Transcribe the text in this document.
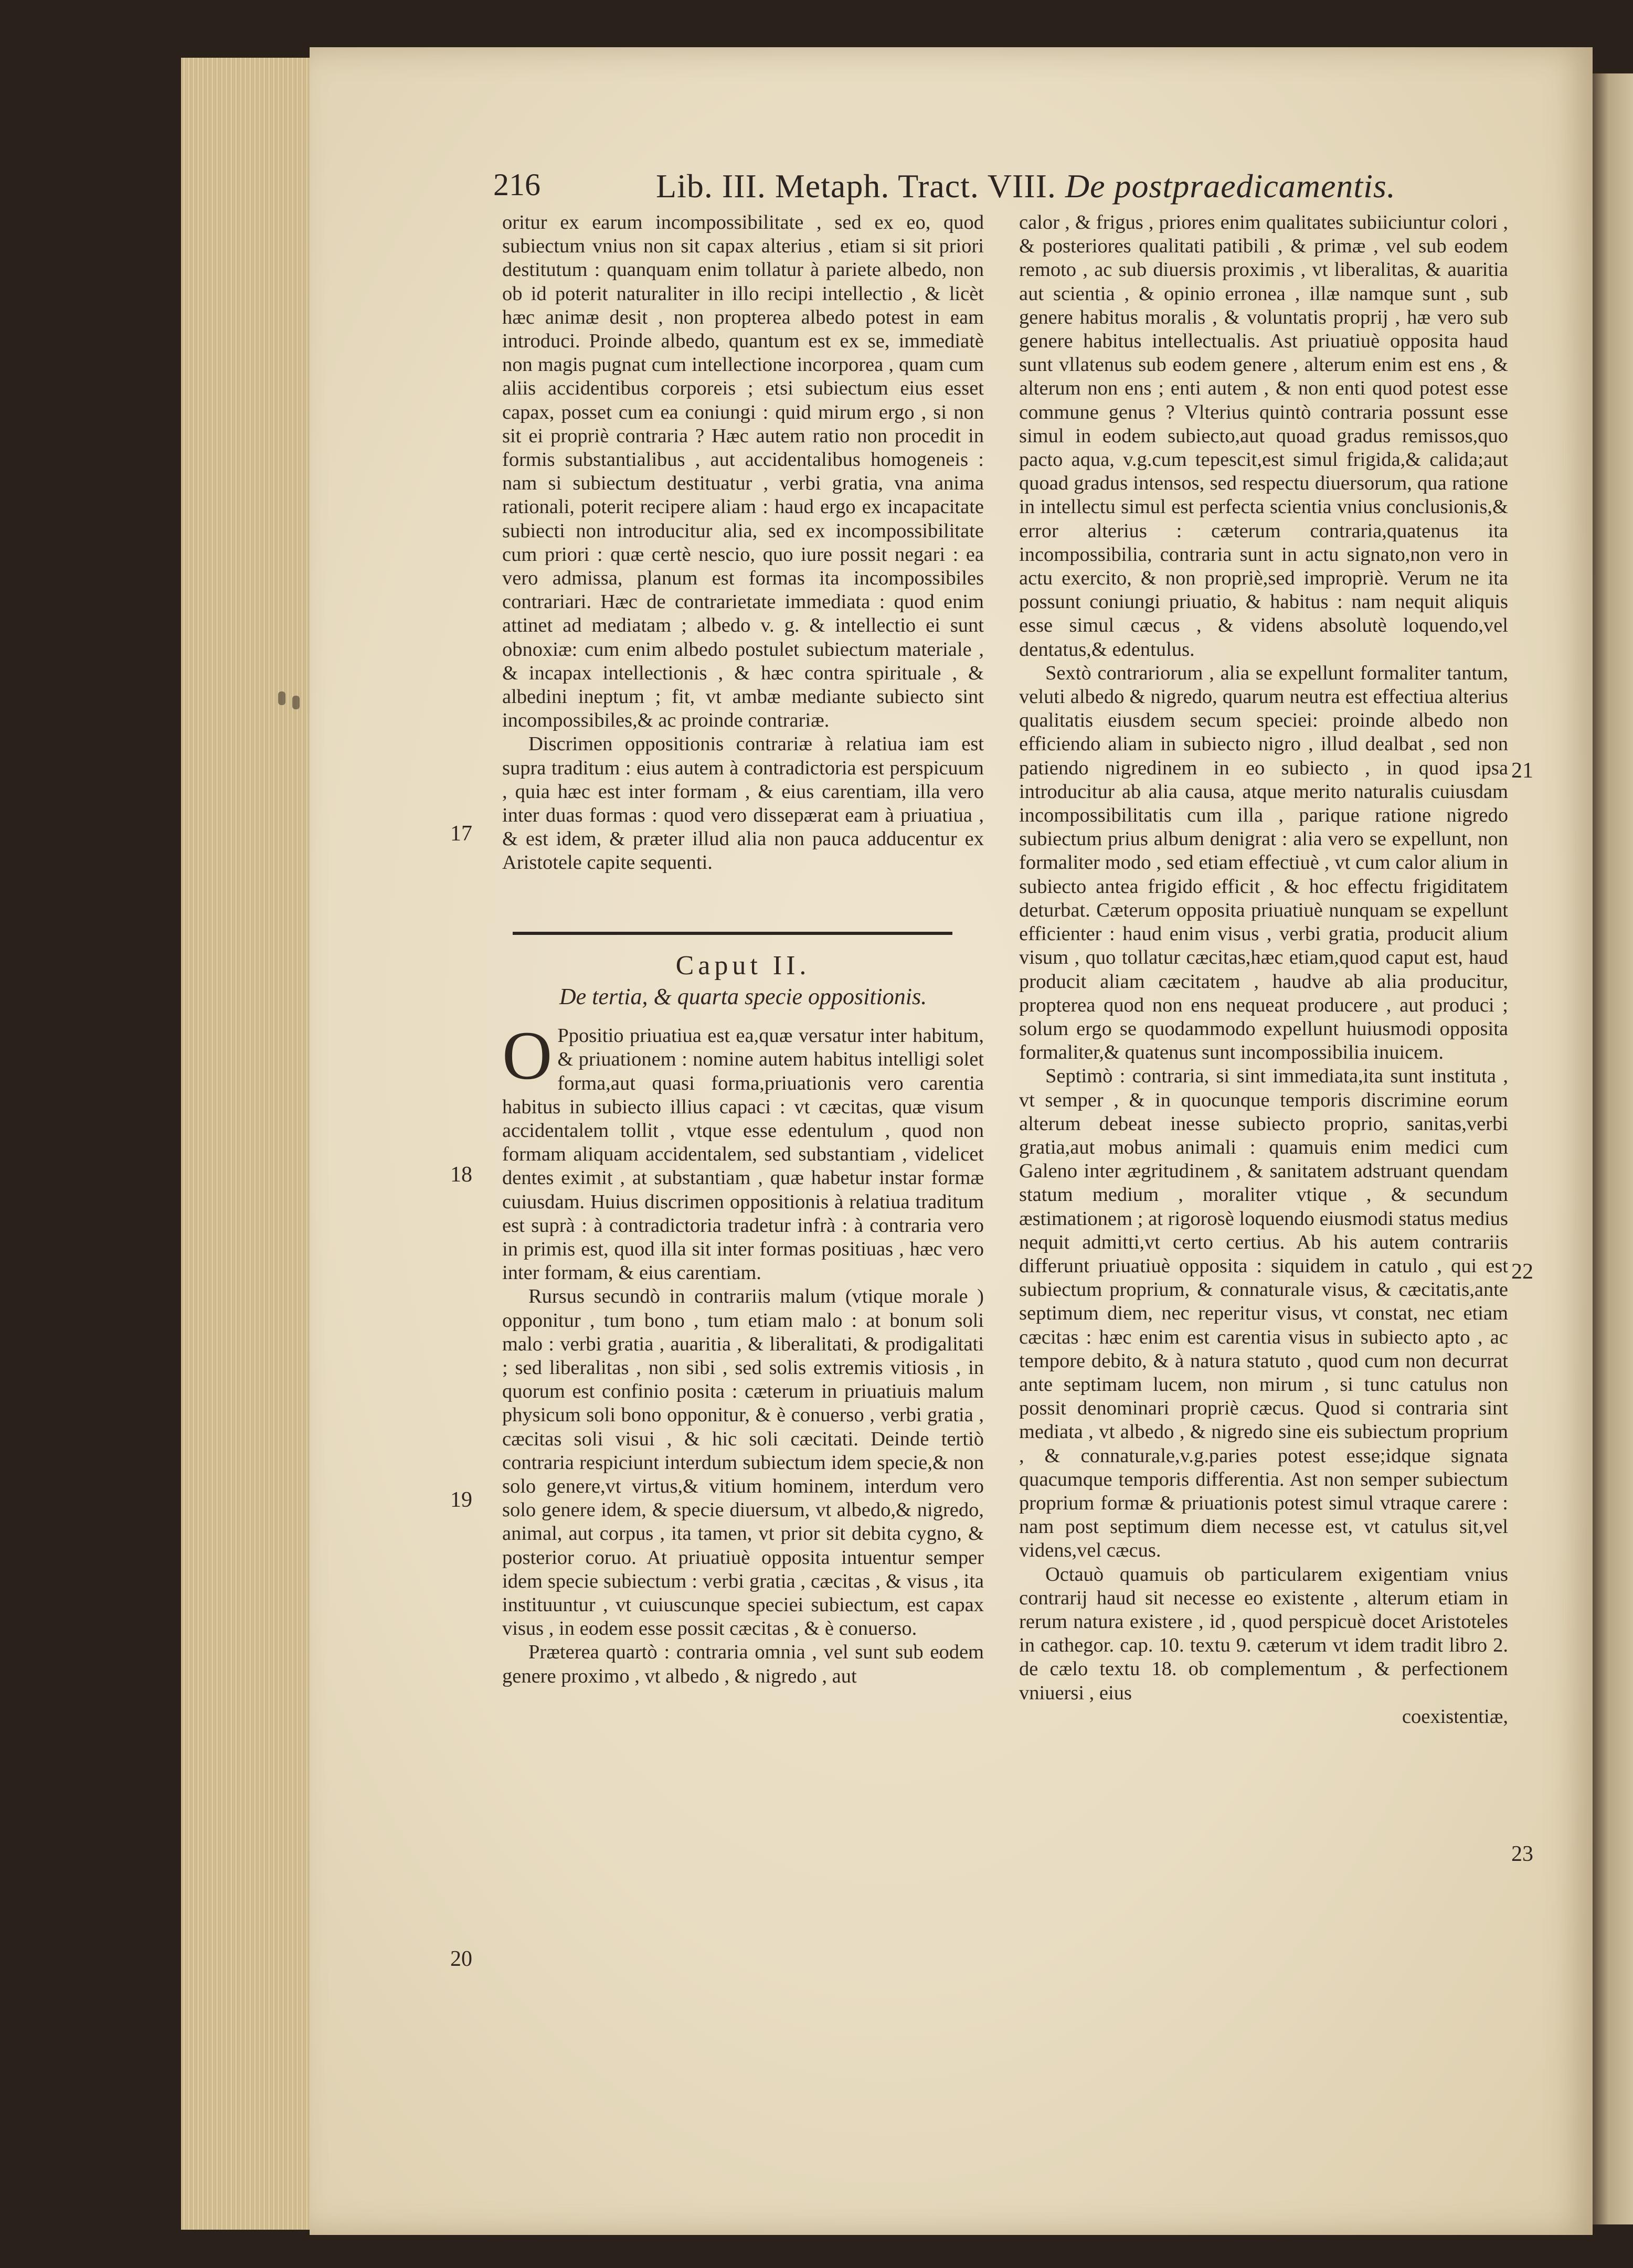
216	Lib. III. Metaph. Tract. VIII. De postpraedicamentis.

oritur ex earum incompossibilitate , sed ex eo, quod subiectum vnius non sit capax alterius , etiam si sit priori destitutum : quanquam enim tollatur à pariete albedo, non ob id poterit naturaliter in illo recipi intellectio , & licèt hæc animæ desit , non propterea albedo potest in eam introduci. Proinde albedo, quantum est ex se, immediatè non magis pugnat cum intellectione incorporea , quam cum aliis accidentibus corporeis ; etsi subiectum eius esset capax, posset cum ea coniungi : quid mirum ergo , si non sit ei propriè contraria ? Hæc autem ratio non procedit in formis substantialibus , aut accidentalibus homogeneis : nam si subiectum destituatur , verbi gratia, vna anima rationali, poterit recipere aliam : haud ergo ex incapacitate subiecti non introducitur alia, sed ex incompossibilitate cum priori : quæ certè nescio, quo iure possit negari : ea vero admissa, planum est formas ita incompossibiles contrariari. Hæc de contrarietate immediata : quod enim attinet ad mediatam ; albedo v. g. & intellectio ei sunt obnoxiæ: cum enim albedo postulet subiectum materiale , & incapax intellectionis , & hæc contra spirituale , & albedini ineptum ; fit, vt ambæ mediante subiecto sint incompossibiles,& ac proinde contrariæ.

Discrimen oppositionis contrariæ à relatiua iam est supra traditum : eius autem à contradictoria est perspicuum , quia hæc est inter formam , & eius carentiam, illa vero inter duas formas : quod vero dissepærat eam à priuatiua , & est idem, & præter illud alia non pauca adducentur ex Aristotele capite sequenti.

Caput II.
De tertia, & quarta specie oppositionis.

O Ppositio priuatiua est ea,quæ versatur inter habitum, & priuationem : nomine autem habitus intelligi solet forma,aut quasi forma,priuationis vero carentia habitus in subiecto illius capaci : vt cæcitas, quæ visum accidentalem tollit , vtque esse edentulum , quod non formam aliquam accidentalem, sed substantiam , videlicet dentes eximit , at substantiam , quæ habetur instar formæ cuiusdam. Huius discrimen oppositionis à relatiua traditum est suprà : à contradictoria tradetur infrà : à contraria vero in primis est, quod illa sit inter formas positiuas , hæc vero inter formam, & eius carentiam.

Rursus secundò in contrariis malum (vtique morale ) opponitur , tum bono , tum etiam malo : at bonum soli malo : verbi gratia , auaritia , & liberalitati, & prodigalitati ; sed liberalitas , non sibi , sed solis extremis vitiosis , in quorum est confinio posita : cæterum in priuatiuis malum physicum soli bono opponitur, & è conuerso , verbi gratia , cæcitas soli visui , & hic soli cæcitati. Deinde tertiò contraria respiciunt interdum subiectum idem specie,& non solo genere,vt virtus,& vitium hominem, interdum vero solo genere idem, & specie diuersum, vt albedo,& nigredo, animal, aut corpus , ita tamen, vt prior sit debita cygno, & posterior coruo. At priuatiuè opposita intuentur semper idem specie subiectum : verbi gratia , cæcitas , & visus , ita instituuntur , vt cuiuscunque speciei subiectum, est capax visus , in eodem esse possit cæcitas , & è conuerso.

Præterea quartò : contraria omnia , vel sunt sub eodem genere proximo , vt albedo , & nigredo , aut

calor , & frigus , priores enim qualitates subiiciuntur colori , & posteriores qualitati patibili , & primæ , vel sub eodem remoto , ac sub diuersis proximis , vt liberalitas, & auaritia aut scientia , & opinio erronea , illæ namque sunt , sub genere habitus moralis , & voluntatis proprij , hæ vero sub genere habitus intellectualis. Ast priuatiuè opposita haud sunt vllatenus sub eodem genere , alterum enim est ens , & alterum non ens ; enti autem , & non enti quod potest esse commune genus ? Vlterius quintò contraria possunt esse simul in eodem subiecto,aut quoad gradus remissos,quo pacto aqua, v.g.cum tepescit,est simul frigida,& calida;aut quoad gradus intensos, sed respectu diuersorum, qua ratione in intellectu simul est perfecta scientia vnius conclusionis,& error alterius : cæterum contraria,quatenus ita incompossibilia, contraria sunt in actu signato,non vero in actu exercito, & non propriè,sed impropriè. Verum ne ita possunt coniungi priuatio, & habitus : nam nequit aliquis esse simul cæcus , & videns absolutè loquendo,vel dentatus,& edentulus.

Sextò contrariorum , alia se expellunt formaliter tantum, veluti albedo & nigredo, quarum neutra est effectiua alterius qualitatis eiusdem secum speciei: proinde albedo non efficiendo aliam in subiecto nigro , illud dealbat , sed non patiendo nigredinem in eo subiecto , in quod ipsa introducitur ab alia causa, atque merito naturalis cuiusdam incompossibilitatis cum illa , parique ratione nigredo subiectum prius album denigrat : alia vero se expellunt, non formaliter modo , sed etiam effectiuè , vt cum calor alium in subiecto antea frigido efficit , & hoc effectu frigiditatem deturbat. Cæterum opposita priuatiuè nunquam se expellunt efficienter : haud enim visus , verbi gratia, producit alium visum , quo tollatur cæcitas,hæc etiam,quod caput est, haud producit aliam cæcitatem , haudve ab alia producitur, propterea quod non ens nequeat producere , aut produci ; solum ergo se quodammodo expellunt huiusmodi opposita formaliter,& quatenus sunt incompossibilia inuicem.

Septimò : contraria, si sint immediata,ita sunt instituta , vt semper , & in quocunque temporis discrimine eorum alterum debeat inesse subiecto proprio, sanitas,verbi gratia,aut mobus animali : quamuis enim medici cum Galeno inter ægritudinem , & sanitatem adstruant quendam statum medium , moraliter vtique , & secundum æstimationem ; at rigorosè loquendo eiusmodi status medius nequit admitti,vt certo certius. Ab his autem contrariis differunt priuatiuè opposita : siquidem in catulo , qui est subiectum proprium, & connaturale visus, & cæcitatis,ante septimum diem, nec reperitur visus, vt constat, nec etiam cæcitas : hæc enim est carentia visus in subiecto apto , ac tempore debito, & à natura statuto , quod cum non decurrat ante septimam lucem, non mirum , si tunc catulus non possit denominari propriè cæcus. Quod si contraria sint mediata , vt albedo , & nigredo sine eis subiectum proprium , & connaturale,v.g.paries potest esse;idque signata quacumque temporis differentia. Ast non semper subiectum proprium formæ & priuationis potest simul vtraque carere : nam post septimum diem necesse est, vt catulus sit,vel videns,vel cæcus.

Octauò quamuis ob particularem exigentiam vnius contrarij haud sit necesse eo existente , alterum etiam in rerum natura existere , id , quod perspicuè docet Aristoteles in cathegor. cap. 10. textu 9. cæterum vt idem tradit libro 2. de cælo textu 18. ob complementum , & perfectionem vniuersi , eius

coexistentiæ,

17
18
19
20
21
22
23
